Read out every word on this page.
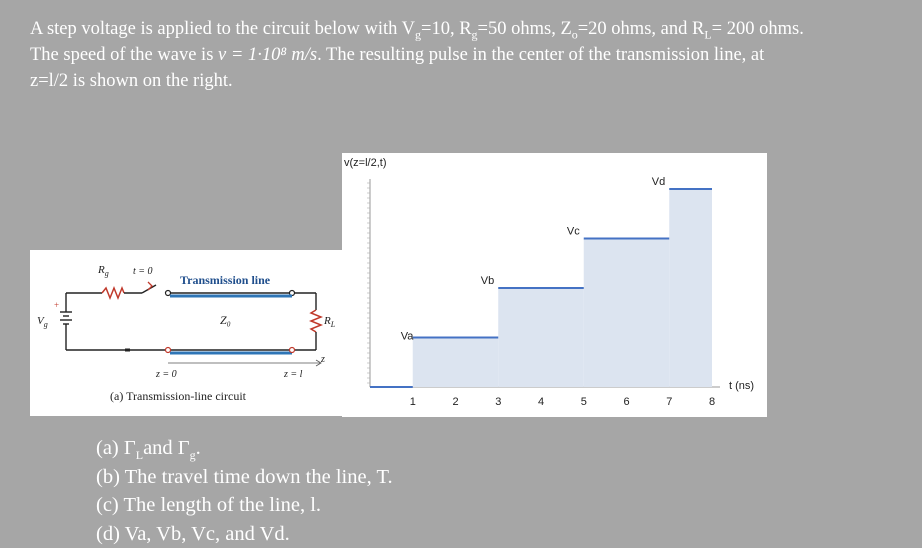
A step voltage is applied to the circuit below with $V_g=10$, $R_g=50$ ohms, $Z_o=20$ ohms, and $R_L= 200$ ohms.

The speed of the wave is v = 1·10⁸ m/s. The resulting pulse in the center of the transmission line, at

z=l/2 is shown on the right.

+
$R_g$ t = 0
Transmission line
$V_g$	Z₀	$R_L$
z = 0	z = l
z
(a) Transmission-line circuit
v(z=l/2,t)
Va
Vb
Vc
Vd
1	2	3	4	5	6	7	8
t (ns)
(a) $\Gamma_Land$ $\Gamma_g$.
(b) The travel time down the line, T.
(c) The length of the line, l.
(d) Va, Vb, Vc, and Vd.
